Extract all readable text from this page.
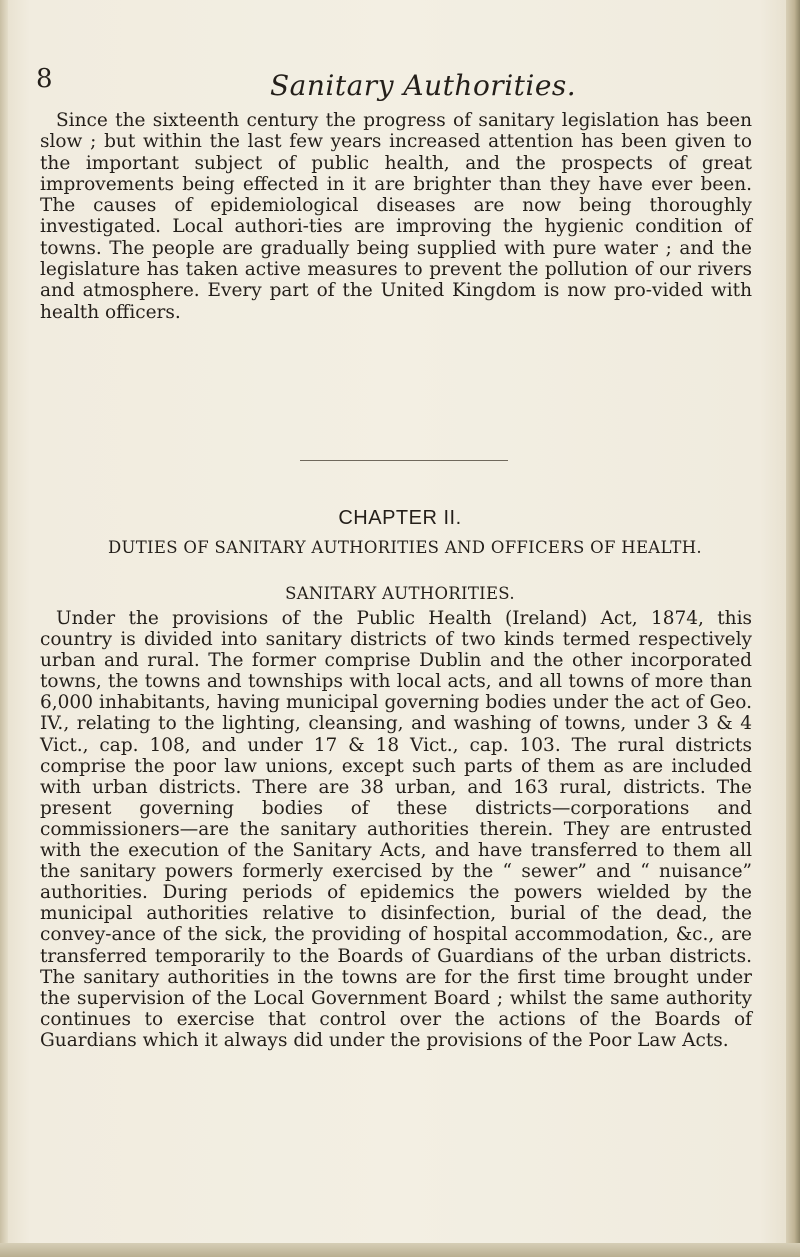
8	Sanitary Authorities.

Since the sixteenth century the progress of sanitary legislation has been slow ; but within the last few years increased attention has been given to the important subject of public health, and the prospects of great improvements being effected in it are brighter than they have ever been. The causes of epidemiological diseases are now being thoroughly investigated. Local authori-ties are improving the hygienic condition of towns. The people are gradually being supplied with pure water ; and the legislature has taken active measures to prevent the pollution of our rivers and atmosphere. Every part of the United Kingdom is now pro-vided with health officers.

CHAPTER II.
DUTIES OF SANITARY AUTHORITIES AND OFFICERS OF HEALTH.
SANITARY AUTHORITIES.

Under the provisions of the Public Health (Ireland) Act, 1874, this country is divided into sanitary districts of two kinds termed respectively urban and rural. The former comprise Dublin and the other incorporated towns, the towns and townships with local acts, and all towns of more than 6,000 inhabitants, having municipal governing bodies under the act of Geo. IV., relating to the lighting, cleansing, and washing of towns, under 3 & 4 Vict., cap. 108, and under 17 & 18 Vict., cap. 103. The rural districts comprise the poor law unions, except such parts of them as are included with urban districts. There are 38 urban, and 163 rural, districts. The present governing bodies of these districts—corporations and commissioners—are the sanitary authorities therein. They are entrusted with the execution of the Sanitary Acts, and have transferred to them all the sanitary powers formerly exercised by the “ sewer” and “ nuisance” authorities. During periods of epidemics the powers wielded by the municipal authorities relative to disinfection, burial of the dead, the convey-ance of the sick, the providing of hospital accommodation, &c., are transferred temporarily to the Boards of Guardians of the urban districts. The sanitary authorities in the towns are for the first time brought under the supervision of the Local Government Board ; whilst the same authority continues to exercise that control over the actions of the Boards of Guardians which it always did under the provisions of the Poor Law Acts.
